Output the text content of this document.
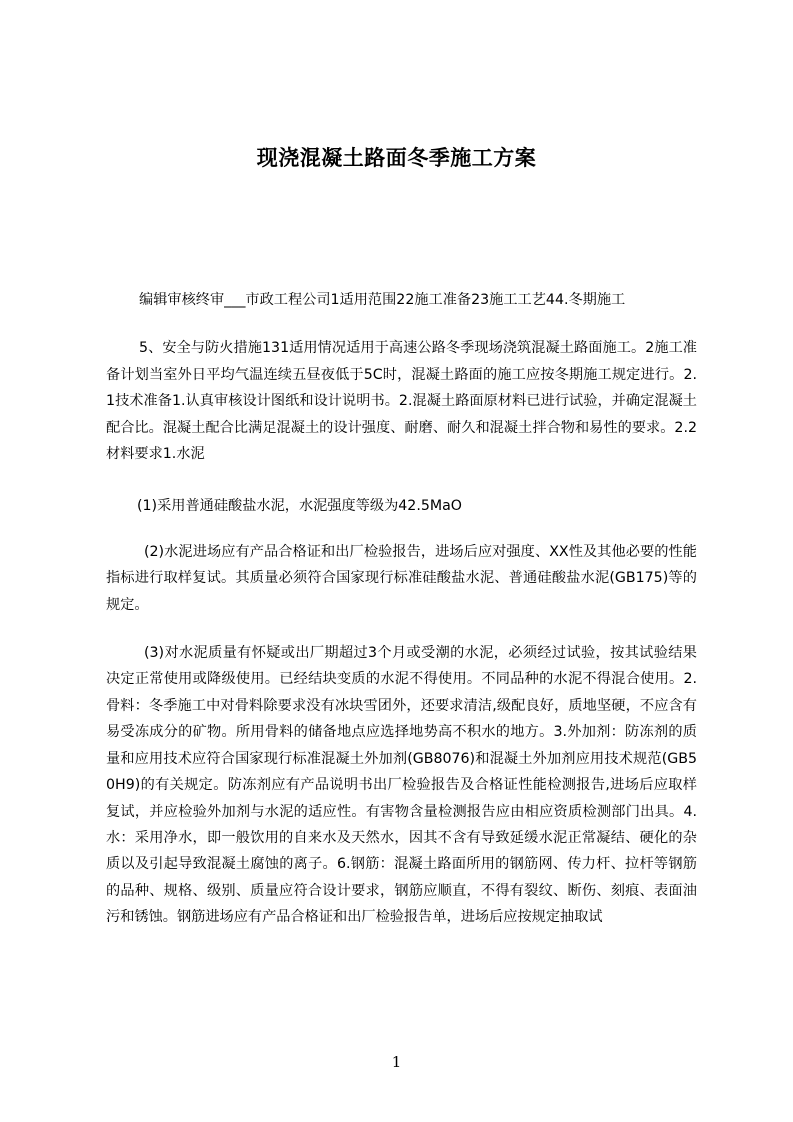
现浇混凝土路面冬季施工方案

编辑审核终审___市政工程公司1适用范围22施工准备23施工工艺44.冬期施工

5、安全与防火措施131适用情况适用于高速公路冬季现场浇筑混凝土路面施工。2施工准备计划当室外日平均气温连续五昼夜低于5C时，混凝土路面的施工应按冬期施工规定进行。2.1技术准备1.认真审核设计图纸和设计说明书。2.混凝土路面原材料已进行试验，并确定混凝土配合比。混凝土配合比满足混凝土的设计强度、耐磨、耐久和混凝土拌合物和易性的要求。2.2材料要求1.水泥

(1)采用普通硅酸盐水泥，水泥强度等级为42.5MaO

(2)水泥进场应有产品合格证和出厂检验报告，进场后应对强度、XX性及其他必要的性能指标进行取样复试。其质量必须符合国家现行标准硅酸盐水泥、普通硅酸盐水泥(GB175)等的规定。

(3)对水泥质量有怀疑或出厂期超过3个月或受潮的水泥，必须经过试验，按其试验结果决定正常使用或降级使用。已经结块变质的水泥不得使用。不同品种的水泥不得混合使用。2.骨料：冬季施工中对骨料除要求没有冰块雪团外，还要求清洁,级配良好，质地坚硬，不应含有易受冻成分的矿物。所用骨料的储备地点应选择地势高不积水的地方。3.外加剂：防冻剂的质量和应用技术应符合国家现行标准混凝土外加剂(GB8076)和混凝土外加剂应用技术规范(GB50H9)的有关规定。防冻剂应有产品说明书出厂检验报告及合格证性能检测报告,进场后应取样复试，并应检验外加剂与水泥的适应性。有害物含量检测报告应由相应资质检测部门出具。4.水：采用净水，即一般饮用的自来水及天然水，因其不含有导致延缓水泥正常凝结、硬化的杂质以及引起导致混凝土腐蚀的离子。6.钢筋：混凝土路面所用的钢筋网、传力杆、拉杆等钢筋的品种、规格、级别、质量应符合设计要求，钢筋应顺直，不得有裂纹、断伤、刻痕、表面油污和锈蚀。钢筋进场应有产品合格证和出厂检验报告单，进场后应按规定抽取试

1
